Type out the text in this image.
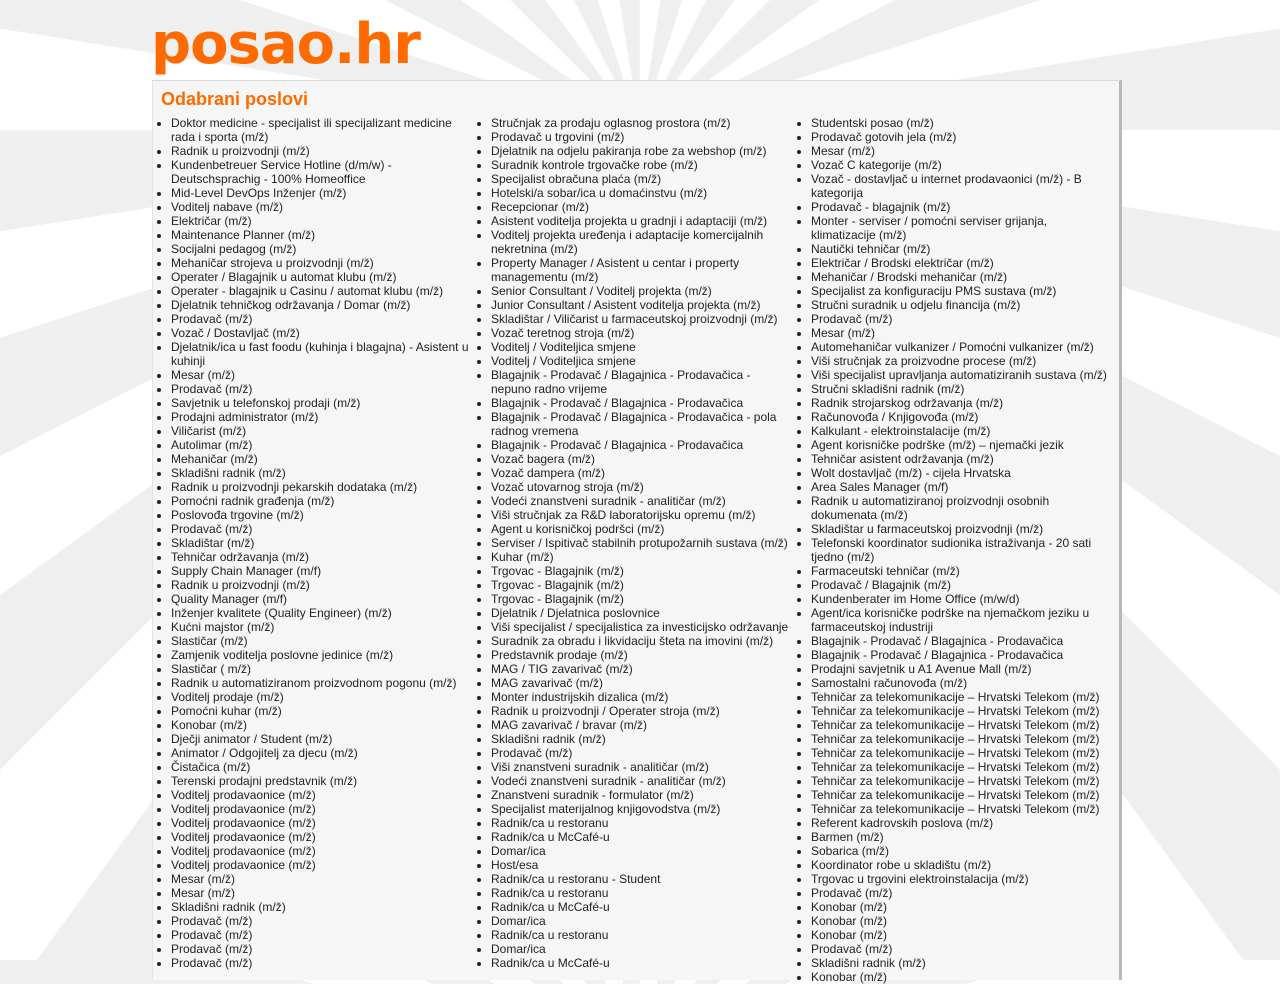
posao.hr
Odabrani poslovi
• Doktor medicine - specijalist ili specijalizant medicine rada i sporta (m/ž)
• Radnik u proizvodnji (m/ž)
• Kundenbetreuer Service Hotline (d/m/w) - Deutschsprachig - 100% Homeoffice
• Mid-Level DevOps Inženjer (m/ž)
• Voditelj nabave (m/ž)
• Električar (m/ž)
• Maintenance Planner (m/ž)
• Socijalni pedagog (m/ž)
• Mehaničar strojeva u proizvodnji (m/ž)
• Operater / Blagajnik u automat klubu (m/ž)
• Operater - blagajnik u Casinu / automat klubu (m/ž)
• Djelatnik tehničkog održavanja / Domar (m/ž)
• Prodavač (m/ž)
• Vozač / Dostavljač (m/ž)
• Djelatnik/ica u fast foodu (kuhinja i blagajna) - Asistent u kuhinji
• Mesar (m/ž)
• Prodavač (m/ž)
• Savjetnik u telefonskoj prodaji (m/ž)
• Prodajni administrator (m/ž)
• Viličarist (m/ž)
• Autolimar (m/ž)
• Mehaničar (m/ž)
• Skladišni radnik (m/ž)
• Radnik u proizvodnji pekarskih dodataka (m/ž)
• Pomoćni radnik građenja (m/ž)
• Poslovođa trgovine (m/ž)
• Prodavač (m/ž)
• Skladištar (m/ž)
• Tehničar održavanja (m/ž)
• Supply Chain Manager (m/f)
• Radnik u proizvodnji (m/ž)
• Quality Manager (m/f)
• Inženjer kvalitete (Quality Engineer) (m/ž)
• Kućni majstor (m/ž)
• Slastičar (m/ž)
• Zamjenik voditelja poslovne jedinice (m/ž)
• Slastičar ( m/ž)
• Radnik u automatiziranom proizvodnom pogonu (m/ž)
• Voditelj prodaje (m/ž)
• Pomoćni kuhar (m/ž)
• Konobar (m/ž)
• Dječji animator / Student (m/ž)
• Animator / Odgojitelj za djecu (m/ž)
• Čistačica (m/ž)
• Terenski prodajni predstavnik (m/ž)
• Voditelj prodavaonice (m/ž)
• Voditelj prodavaonice (m/ž)
• Voditelj prodavaonice (m/ž)
• Voditelj prodavaonice (m/ž)
• Voditelj prodavaonice (m/ž)
• Voditelj prodavaonice (m/ž)
• Mesar (m/ž)
• Mesar (m/ž)
• Skladišni radnik (m/ž)
• Prodavač (m/ž)
• Prodavač (m/ž)
• Prodavač (m/ž)
• Prodavač (m/ž)
• Stručnjak za prodaju oglasnog prostora (m/ž)
• Prodavač u trgovini (m/ž)
• Djelatnik na odjelu pakiranja robe za webshop (m/ž)
• Suradnik kontrole trgovačke robe (m/ž)
• Specijalist obračuna plaća (m/ž)
• Hotelski/a sobar/ica u domaćinstvu (m/ž)
• Recepcionar (m/ž)
• Asistent voditelja projekta u gradnji i adaptaciji (m/ž)
• Voditelj projekta uređenja i adaptacije komercijalnih nekretnina (m/ž)
• Property Manager / Asistent u centar i property managementu (m/ž)
• Senior Consultant / Voditelj projekta (m/ž)
• Junior Consultant / Asistent voditelja projekta (m/ž)
• Skladištar / Viličarist u farmaceutskoj proizvodnji (m/ž)
• Vozač teretnog stroja (m/ž)
• Voditelj / Voditeljica smjene
• Voditelj / Voditeljica smjene
• Blagajnik - Prodavač / Blagajnica - Prodavačica - nepuno radno vrijeme
• Blagajnik - Prodavač / Blagajnica - Prodavačica
• Blagajnik - Prodavač / Blagajnica - Prodavačica - pola radnog vremena
• Blagajnik - Prodavač / Blagajnica - Prodavačica
• Vozač bagera (m/ž)
• Vozač dampera (m/ž)
• Vozač utovarnog stroja (m/ž)
• Vodeći znanstveni suradnik - analitičar (m/ž)
• Viši stručnjak za R&D laboratorijsku opremu (m/ž)
• Agent u korisničkoj podršci (m/ž)
• Serviser / Ispitivač stabilnih protupožarnih sustava (m/ž)
• Kuhar (m/ž)
• Trgovac - Blagajnik (m/ž)
• Trgovac - Blagajnik (m/ž)
• Trgovac - Blagajnik (m/ž)
• Djelatnik / Djelatnica poslovnice
• Viši specijalist / specijalistica za investicijsko održavanje
• Suradnik za obradu i likvidaciju šteta na imovini (m/ž)
• Predstavnik prodaje (m/ž)
• MAG / TIG zavarivač (m/ž)
• MAG zavarivač (m/ž)
• Monter industrijskih dizalica (m/ž)
• Radnik u proizvodnji / Operater stroja (m/ž)
• MAG zavarivač / bravar (m/ž)
• Skladišni radnik (m/ž)
• Prodavač (m/ž)
• Viši znanstveni suradnik - analitičar (m/ž)
• Vodeći znanstveni suradnik - analitičar (m/ž)
• Znanstveni suradnik - formulator (m/ž)
• Specijalist materijalnog knjigovodstva (m/ž)
• Radnik/ca u restoranu
• Radnik/ca u McCafé-u
• Domar/ica
• Host/esa
• Radnik/ca u restoranu - Student
• Radnik/ca u restoranu
• Radnik/ca u McCafé-u
• Domar/ica
• Radnik/ca u restoranu
• Domar/ica
• Radnik/ca u McCafé-u
• Studentski posao (m/ž)
• Prodavač gotovih jela (m/ž)
• Mesar (m/ž)
• Vozač C kategorije (m/ž)
• Vozač - dostavljač u internet prodavaonici (m/ž) - B kategorija
• Prodavač - blagajnik (m/ž)
• Monter - serviser / pomoćni serviser grijanja, klimatizacije (m/ž)
• Nautički tehničar (m/ž)
• Električar / Brodski električar (m/ž)
• Mehaničar / Brodski mehaničar (m/ž)
• Specijalist za konfiguraciju PMS sustava (m/ž)
• Stručni suradnik u odjelu financija (m/ž)
• Prodavač (m/ž)
• Mesar (m/ž)
• Automehaničar vulkanizer / Pomoćni vulkanizer (m/ž)
• Viši stručnjak za proizvodne procese (m/ž)
• Viši specijalist upravljanja automatiziranih sustava (m/ž)
• Stručni skladišni radnik (m/ž)
• Radnik strojarskog održavanja (m/ž)
• Računovođa / Knjigovođa (m/ž)
• Kalkulant - elektroinstalacije (m/ž)
• Agent korisničke podrške (m/ž) – njemački jezik
• Tehničar asistent održavanja (m/ž)
• Wolt dostavljač (m/ž) - cijela Hrvatska
• Area Sales Manager (m/f)
• Radnik u automatiziranoj proizvodnji osobnih dokumenata (m/ž)
• Skladištar u farmaceutskoj proizvodnji (m/ž)
• Telefonski koordinator sudionika istraživanja - 20 sati tjedno (m/ž)
• Farmaceutski tehničar (m/ž)
• Prodavač / Blagajnik (m/ž)
• Kundenberater im Home Office (m/w/d)
• Agent/ica korisničke podrške na njemačkom jeziku u farmaceutskoj industriji
• Blagajnik - Prodavač / Blagajnica - Prodavačica
• Blagajnik - Prodavač / Blagajnica - Prodavačica
• Prodajni savjetnik u A1 Avenue Mall (m/ž)
• Samostalni računovođa (m/ž)
• Tehničar za telekomunikacije – Hrvatski Telekom (m/ž)
• Tehničar za telekomunikacije – Hrvatski Telekom (m/ž)
• Tehničar za telekomunikacije – Hrvatski Telekom (m/ž)
• Tehničar za telekomunikacije – Hrvatski Telekom (m/ž)
• Tehničar za telekomunikacije – Hrvatski Telekom (m/ž)
• Tehničar za telekomunikacije – Hrvatski Telekom (m/ž)
• Tehničar za telekomunikacije – Hrvatski Telekom (m/ž)
• Tehničar za telekomunikacije – Hrvatski Telekom (m/ž)
• Tehničar za telekomunikacije – Hrvatski Telekom (m/ž)
• Referent kadrovskih poslova (m/ž)
• Barmen (m/ž)
• Sobarica (m/ž)
• Koordinator robe u skladištu (m/ž)
• Trgovac u trgovini elektroinstalacija (m/ž)
• Prodavač (m/ž)
• Konobar (m/ž)
• Konobar (m/ž)
• Konobar (m/ž)
• Prodavač (m/ž)
• Skladišni radnik (m/ž)
• Konobar (m/ž)
